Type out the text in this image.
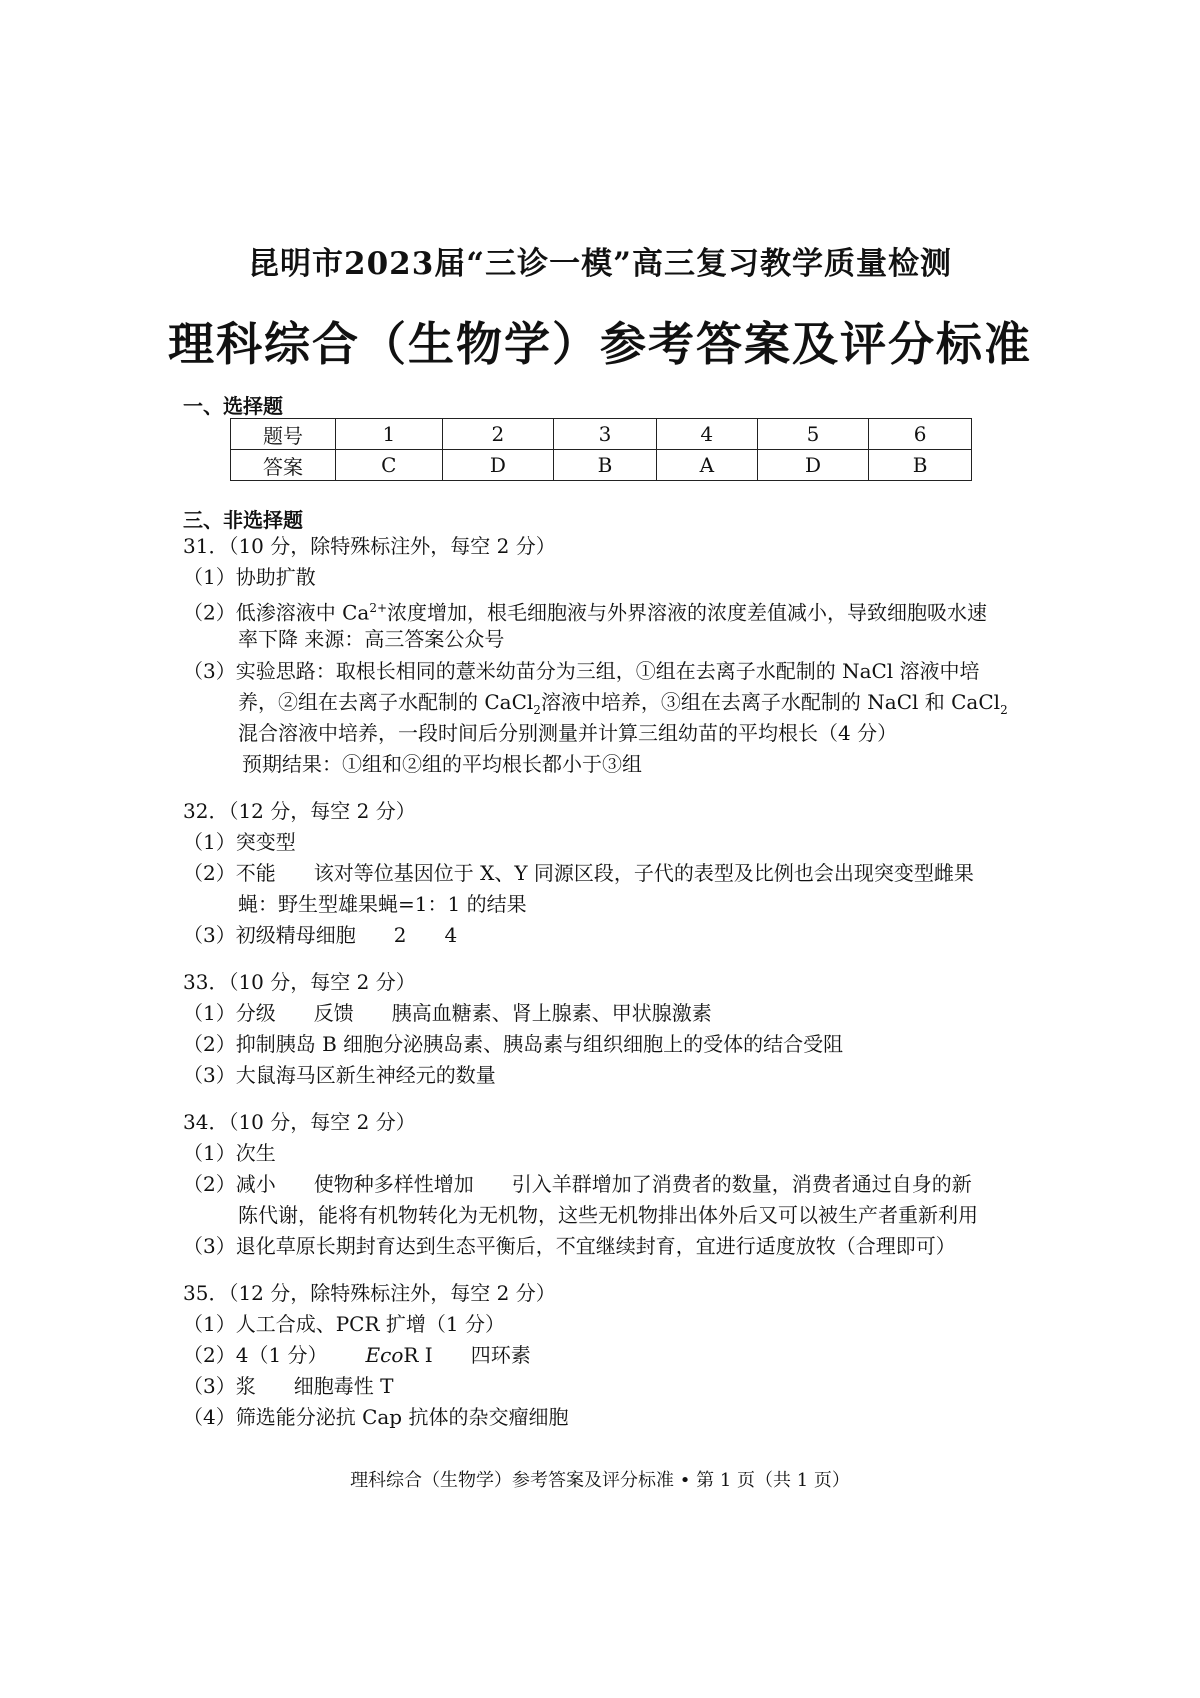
昆明市2023届“三诊一模”高三复习教学质量检测
理科综合（生物学）参考答案及评分标准
一、选择题
题号	1	2	3	4	5	6
答案	C	D	B	A	D	B
三、非选择题
31．（10 分，除特殊标注外，每空 2 分）
（1）协助扩散
（2）低渗溶液中 $Ca^{2+}$浓度增加，根毛细胞液与外界溶液的浓度差值减小，导致细胞吸水速
率下降 来源：高三答案公众号
（3）实验思路：取根长相同的薏米幼苗分为三组，①组在去离子水配制的 NaCl 溶液中培
养，②组在去离子水配制的 CaCl$_2$溶液中培养，③组在去离子水配制的 NaCl 和 CaCl$_2$
混合溶液中培养，一段时间后分别测量并计算三组幼苗的平均根长（4 分）
预期结果：①组和②组的平均根长都小于③组
32．（12 分，每空 2 分）
（1）突变型
（2）不能 该对等位基因位于 X、Y 同源区段，子代的表型及比例也会出现突变型雌果
蝇：野生型雄果蝇=1：1 的结果
（3）初级精母细胞 2 4
33．（10 分，每空 2 分）
（1）分级 反馈 胰高血糖素、肾上腺素、甲状腺激素
（2）抑制胰岛 B 细胞分泌胰岛素、胰岛素与组织细胞上的受体的结合受阻
（3）大鼠海马区新生神经元的数量
34．（10 分，每空 2 分）
（1）次生
（2）减小 使物种多样性增加 引入羊群增加了消费者的数量，消费者通过自身的新
陈代谢，能将有机物转化为无机物，这些无机物排出体外后又可以被生产者重新利用
（3）退化草原长期封育达到生态平衡后，不宜继续封育，宜进行适度放牧（合理即可）
35．（12 分，除特殊标注外，每空 2 分）
（1）人工合成、PCR 扩增（1 分）
（2）4（1 分） EcoR Ⅰ 四环素
（3）浆 细胞毒性 T
（4）筛选能分泌抗 Cap 抗体的杂交瘤细胞
理科综合（生物学）参考答案及评分标准 • 第 1 页（共 1 页）
